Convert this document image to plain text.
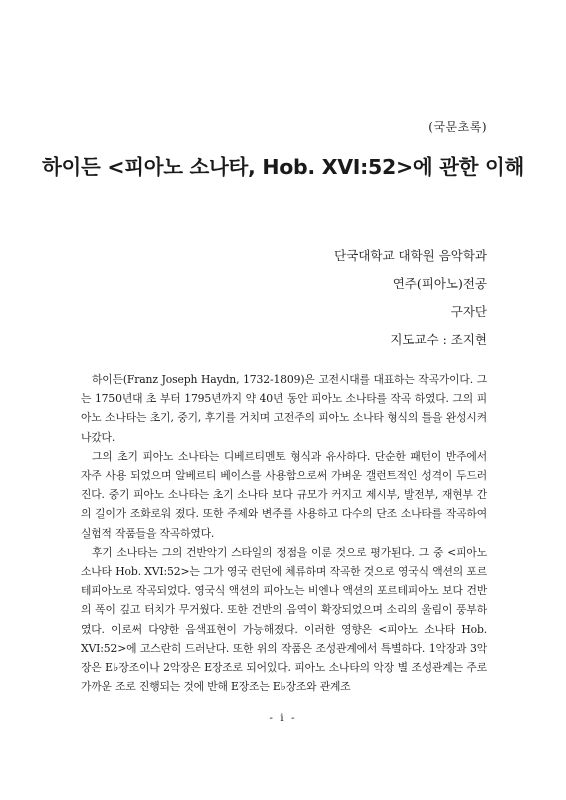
(국문초록)
하이든 <피아노 소나타, Hob. XVI:52>에 관한 이해
단국대학교 대학원 음악학과
연주(피아노)전공
구자단
지도교수 : 조지현

하이든(Franz Joseph Haydn, 1732-1809)은 고전시대를 대표하는 작곡가이다. 그는 1750년대 초 부터 1795년까지 약 40년 동안 피아노 소나타를 작곡 하였다. 그의 피아노 소나타는 초기, 중기, 후기를 거치며 고전주의 피아노 소나타 형식의 틀을 완성시켜 나갔다.

그의 초기 피아노 소나타는 디베르티멘토 형식과 유사하다. 단순한 패턴이 반주에서 자주 사용 되었으며 알베르티 베이스를 사용함으로써 가벼운 갤런트적인 성격이 두드러진다. 중기 피아노 소나타는 초기 소나타 보다 규모가 커지고 제시부, 발전부, 재현부 간의 길이가 조화로워 졌다. 또한 주제와 변주를 사용하고 다수의 단조 소나타를 작곡하여 실험적 작품들을 작곡하였다.

후기 소나타는 그의 건반악기 스타일의 정점을 이룬 것으로 평가된다. 그 중 <피아노 소나타 Hob. XVI:52>는 그가 영국 런던에 체류하며 작곡한 것으로 영국식 액션의 포르테피아노로 작곡되었다. 영국식 액션의 피아노는 비엔나 액션의 포르테피아노 보다 건반의 폭이 깊고 터치가 무거웠다. 또한 건반의 음역이 확장되었으며 소리의 울림이 풍부하였다. 이로써 다양한 음색표현이 가능해졌다. 이러한 영향은 <피아노 소나타 Hob. XVI:52>에 고스란히 드러난다. 또한 위의 작품은 조성관계에서 특별하다. 1악장과 3악장은 E♭장조이나 2악장은 E장조로 되어있다. 피아노 소나타의 악장 별 조성관계는 주로 가까운 조로 진행되는 것에 반해 E장조는 E♭장조와 관계조

- i -
